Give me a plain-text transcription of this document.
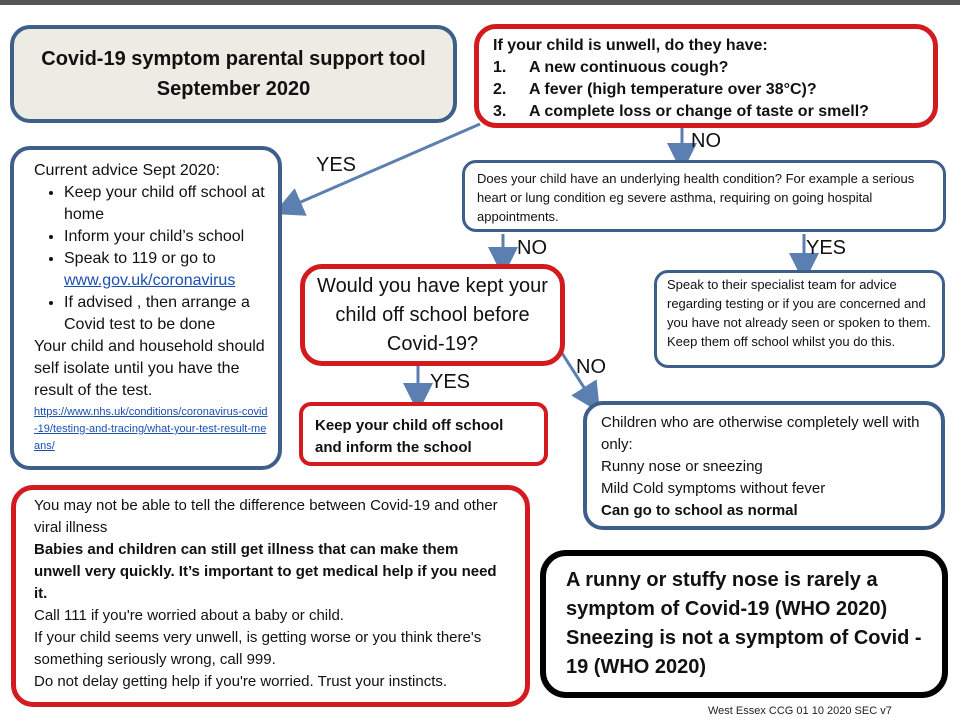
Covid-19 symptom parental support tool

September 2020

If your child is unwell, do they have:

1.	A new continuous cough?
2.	A fever (high temperature over 38°C)?
3.	A complete loss or change of taste or smell?
YES
NO
NO	YES
YES
NO

Current advice Sept 2020:

• Keep your child off school at home
• Inform your child’s school
• Speak to 119 or go to
www.gov.uk/coronavirus
• If advised , then arrange a Covid test to be done

Your child and household should self isolate until you have the result of the test.

https://www.nhs.uk/conditions/coronavirus-covid-19/testing-and-tracing/what-your-test-result-means/

Does your child have an underlying health condition? For example a serious heart or lung condition eg severe asthma, requiring on going hospital appointments.

Would you have kept your child off school before Covid-19?

Speak to their specialist team for advice regarding testing or if you are concerned and you have not already seen or spoken to them. Keep them off school whilst you do this.

Keep your child off school and inform the school

Children who are otherwise completely well with only:

Runny nose or sneezing

Mild Cold symptoms without fever

Can go to school as normal

You may not be able to tell the difference between Covid-19 and other viral illness

Babies and children can still get illness that can make them unwell very quickly. It’s important to get medical help if you need it.

Call 111 if you're worried about a baby or child.

If your child seems very unwell, is getting worse or you think there's something seriously wrong, call 999.

Do not delay getting help if you're worried. Trust your instincts.

A runny or stuffy nose is rarely a symptom of Covid-19 (WHO 2020) Sneezing is not a symptom of Covid - 19 (WHO 2020)

West Essex CCG 01 10 2020 SEC v7
